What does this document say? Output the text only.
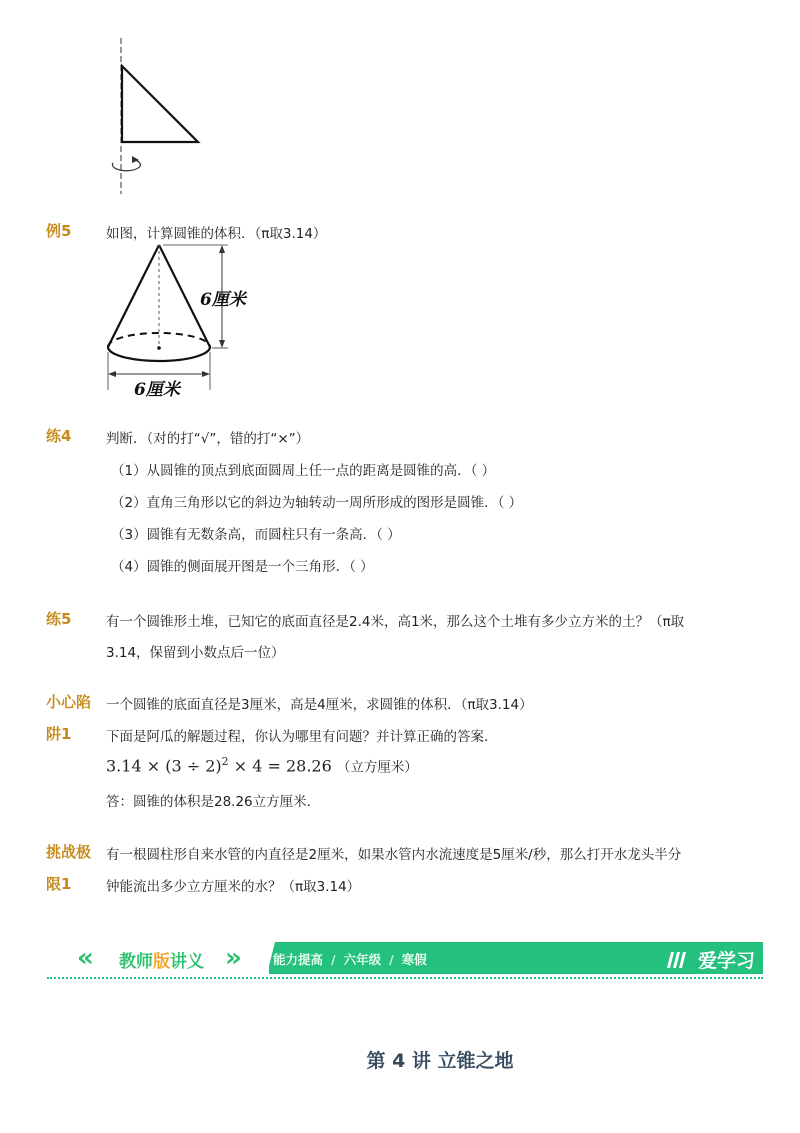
例5	如图，计算圆锥的体积．（π取3.14）
6厘米
6厘米
练4	判断．（对的打“√”，错的打“×”）
（1）从圆锥的顶点到底面圆周上任一点的距离是圆锥的高．（ ）
（2）直角三角形以它的斜边为轴转动一周所形成的图形是圆锥．（ ）
（3）圆锥有无数条高，而圆柱只有一条高．（ ）
（4）圆锥的侧面展开图是一个三角形．（ ）
练5	有一个圆锥形土堆，已知它的底面直径是2.4米，高1米，那么这个土堆有多少立方米的土？（π取
3.14，保留到小数点后一位）
小心陷
阱1
一个圆锥的底面直径是3厘米，高是4厘米，求圆锥的体积．（π取3.14）
下面是阿瓜的解题过程，你认为哪里有问题？并计算正确的答案．
$3.14 \times (3 \div 2)^2 \times 4 = 28.26$ （立方厘米）
答：圆锥的体积是28.26立方厘米．
挑战极
限1
有一根圆柱形自来水管的内直径是2厘米，如果水管内水流速度是5厘米/秒，那么打开水龙头半分
钟能流出多少立方厘米的水？（π取3.14）
« 教师版讲义 » 能力提高 / 六年级 / 寒假	爱学习
第 4 讲 立锥之地
